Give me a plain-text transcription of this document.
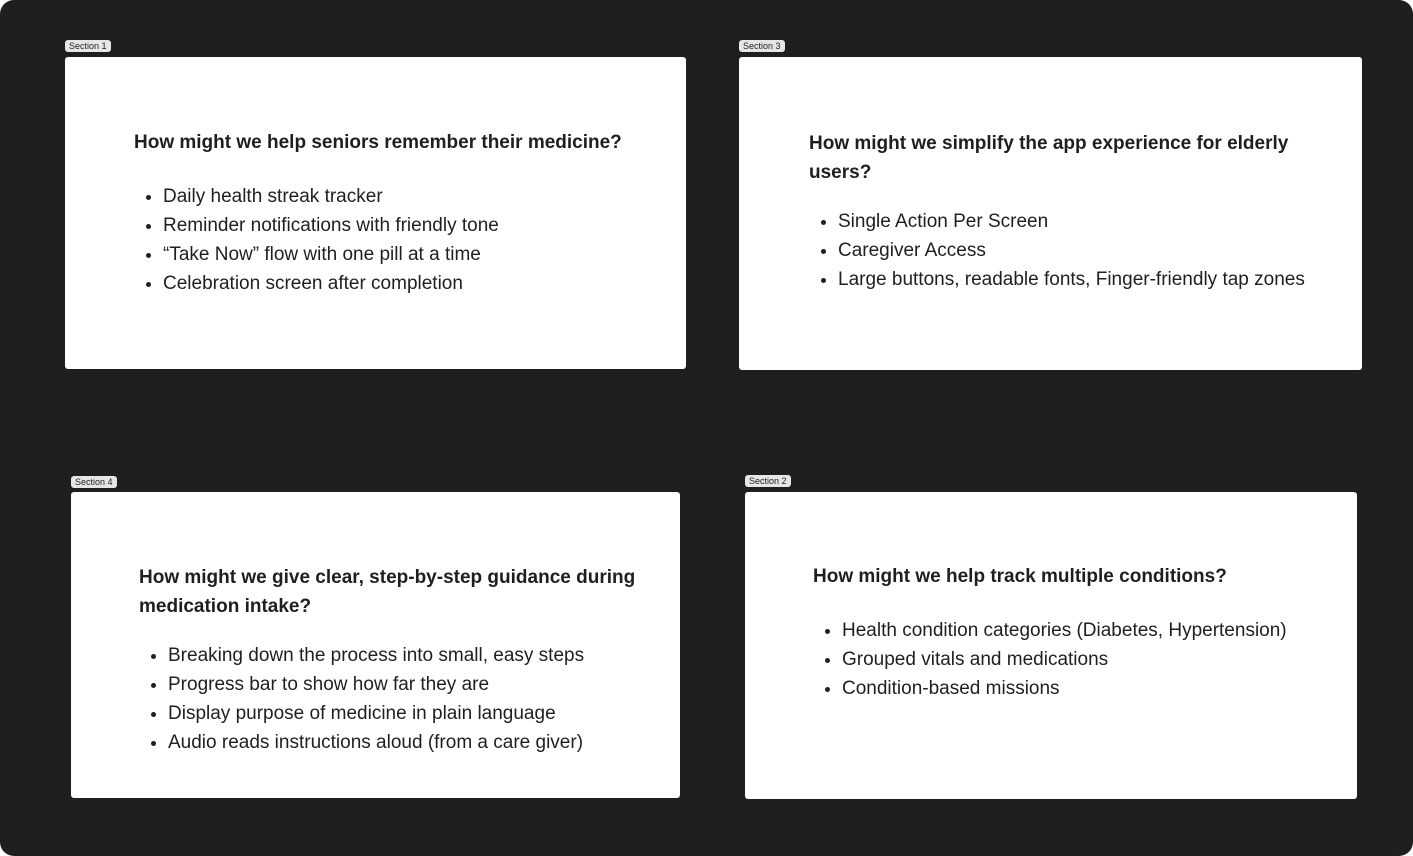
Section 1

How might we help seniors remember their medicine?

• Daily health streak tracker
• Reminder notifications with friendly tone
• “Take Now” flow with one pill at a time
• Celebration screen after completion
Section 3

How might we simplify the app experience for elderly users?

• Single Action Per Screen
• Caregiver Access
• Large buttons, readable fonts, Finger-friendly tap zones
Section 4

How might we give clear, step-by-step guidance during medication intake?

• Breaking down the process into small, easy steps
• Progress bar to show how far they are
• Display purpose of medicine in plain language
• Audio reads instructions aloud (from a care giver)
Section 2

How might we help track multiple conditions?

• Health condition categories (Diabetes, Hypertension)
• Grouped vitals and medications
• Condition-based missions
